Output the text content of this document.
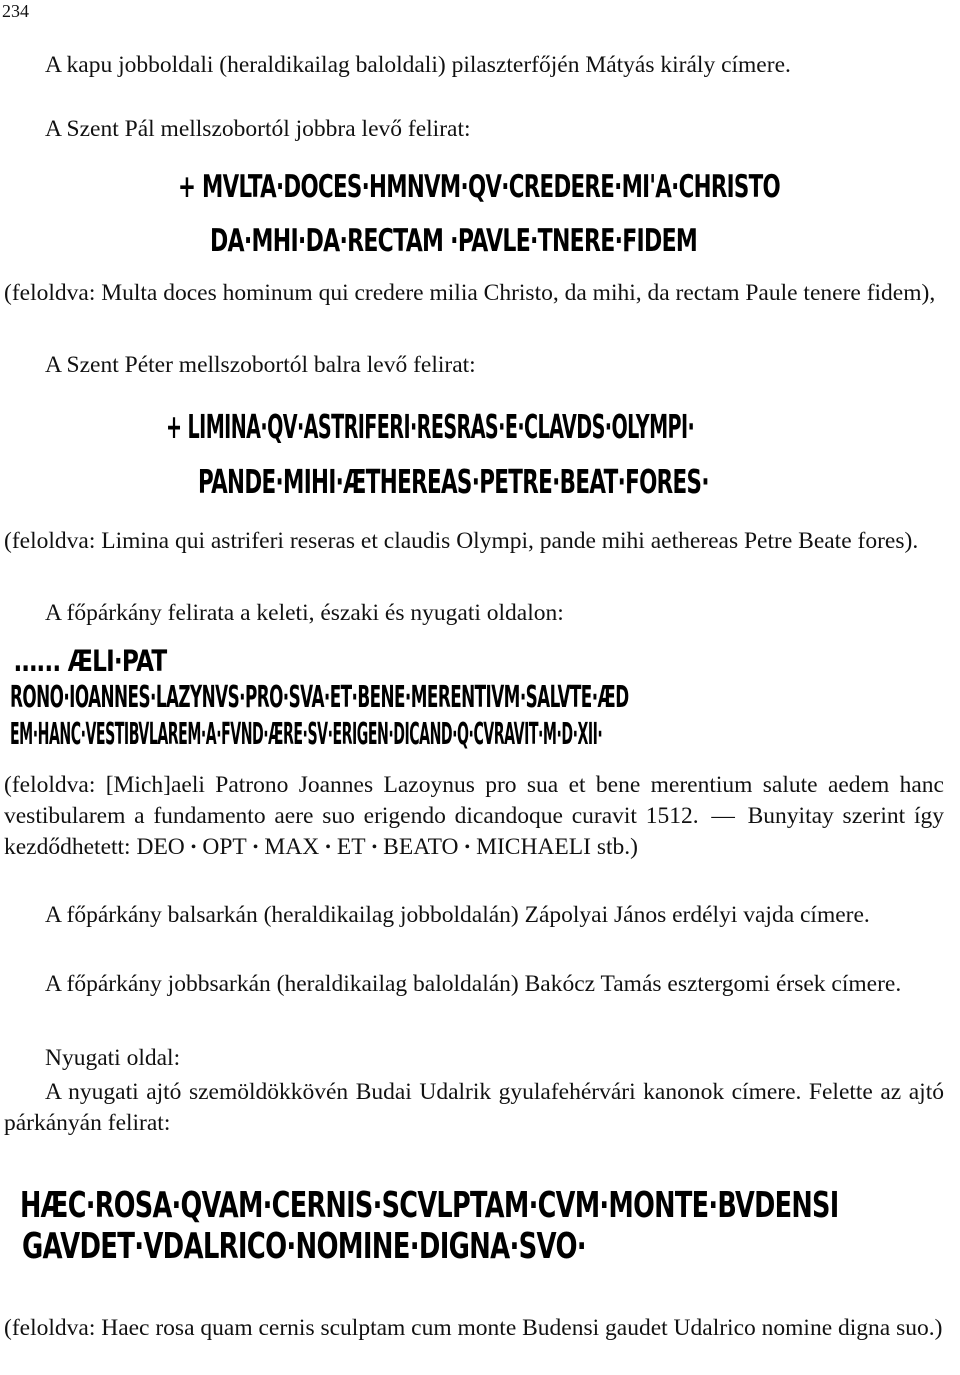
234

A kapu jobboldali (heraldikailag baloldali) pilaszterfőjén Mátyás király címere.

A Szent Pál mellszobortól jobbra levő felirat:

+ MVLTA·DOCES·HMNVM·QV·CREDERE·MI'A·CHRISTO
DA·MHI·DA·RECTAM ·PAVLE·TNERE·FIDEM

(feloldva: Multa doces hominum qui credere milia Christo, da mihi, da rectam Paule tenere fidem),

A Szent Péter mellszobortól balra levő felirat:

+ LIMINA·QV·ASTRIFERI·RESRAS·E·CLAVDS·OLYMPI·
PANDE·MIHI·ÆTHEREAS·PETRE·BEAT·FORES·

(feloldva: Limina qui astriferi reseras et claudis Olympi, pande mihi aethereas Petre Beate fores).

A főpárkány felirata a keleti, északi és nyugati oldalon:

…... ÆLI·PAT
RONO·IOANNES·LAZYNVS·PRO·SVA·ET·BENE·MERENTIVM·SALVTE·ÆD
EM·HANC·VESTIBVLAREM·A·FVND·ÆRE·SV·ERIGEN·DICAND·Q·CVRAVIT·M·D·XII·

(feloldva: [Mich]aeli Patrono Joannes Lazoynus pro sua et bene merentium salute aedem hanc vestibularem a fundamento aere suo erigendo dicandoque curavit 1512. — Bunyitay szerint így kezdődhetett: DEO • OPT • MAX • ET • BEATO • MICHAELI stb.)

A főpárkány balsarkán (heraldikailag jobboldalán) Zápolyai János erdélyi vajda címere.

A főpárkány jobbsarkán (heraldikailag baloldalán) Bakócz Tamás esztergomi érsek címere.

Nyugati oldal:

A nyugati ajtó szemöldökkövén Budai Udalrik gyulafehérvári kanonok címere. Felette az ajtó párkányán felirat:

HÆC·ROSA·QVAM·CERNIS·SCVLPTAM·CVM·MONTE·BVDENSI
GAVDET·VDALRICO·NOMINE·DIGNA·SVO·

(feloldva: Haec rosa quam cernis sculptam cum monte Budensi gaudet Udalrico nomine digna suo.)
